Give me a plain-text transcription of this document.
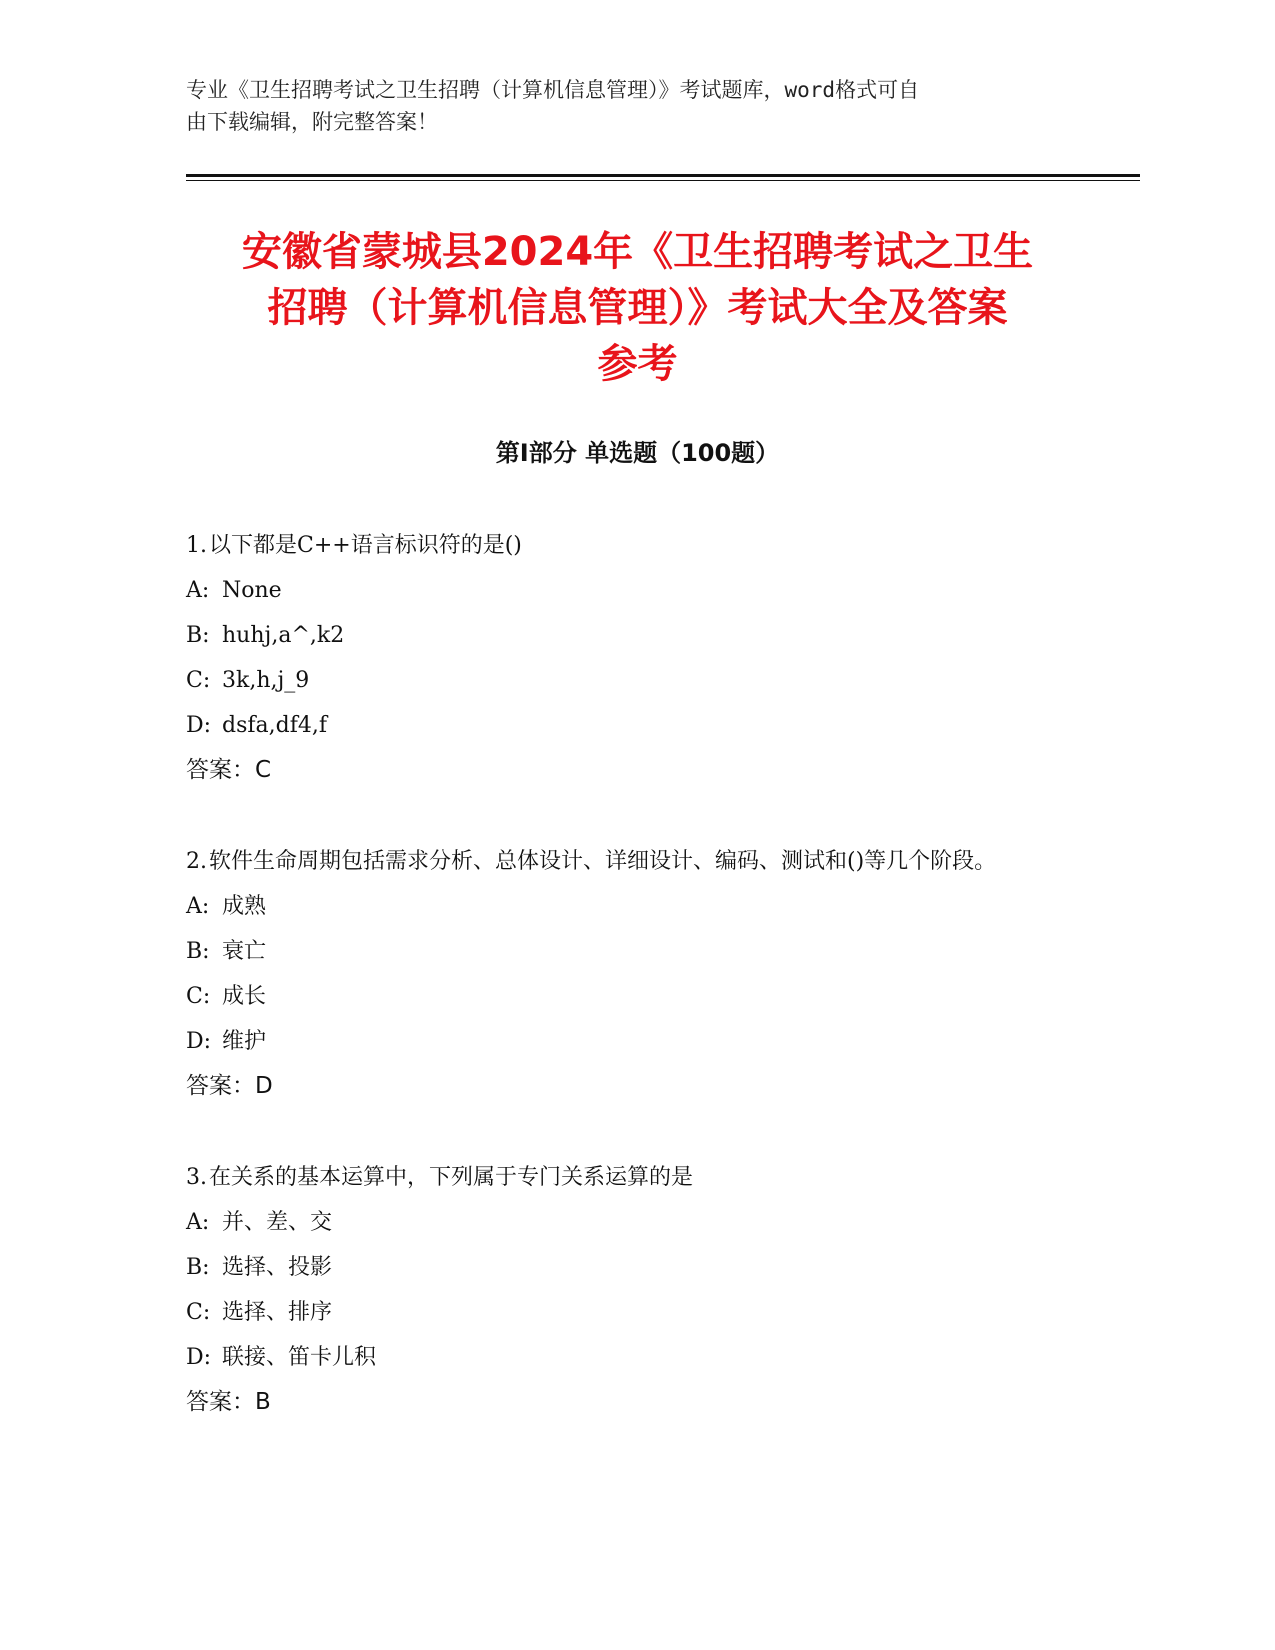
专业《卫生招聘考试之卫生招聘（计算机信息管理）》考试题库，word格式可自
由下载编辑，附完整答案！
安徽省蒙城县2024年《卫生招聘考试之卫生
招聘（计算机信息管理）》考试大全及答案
参考
第Ⅰ部分 单选题（100题）
1.以下都是C++语言标识符的是()
A: None
B: huhj,a^,k2
C: 3k,h,j_9
D: dsfa,df4,f
答案：C
2.软件生命周期包括需求分析、总体设计、详细设计、编码、测试和()等几个阶段。
A: 成熟
B: 衰亡
C: 成长
D: 维护
答案：D
3.在关系的基本运算中，下列属于专门关系运算的是
A: 并、差、交
B: 选择、投影
C: 选择、排序
D: 联接、笛卡儿积
答案：B
